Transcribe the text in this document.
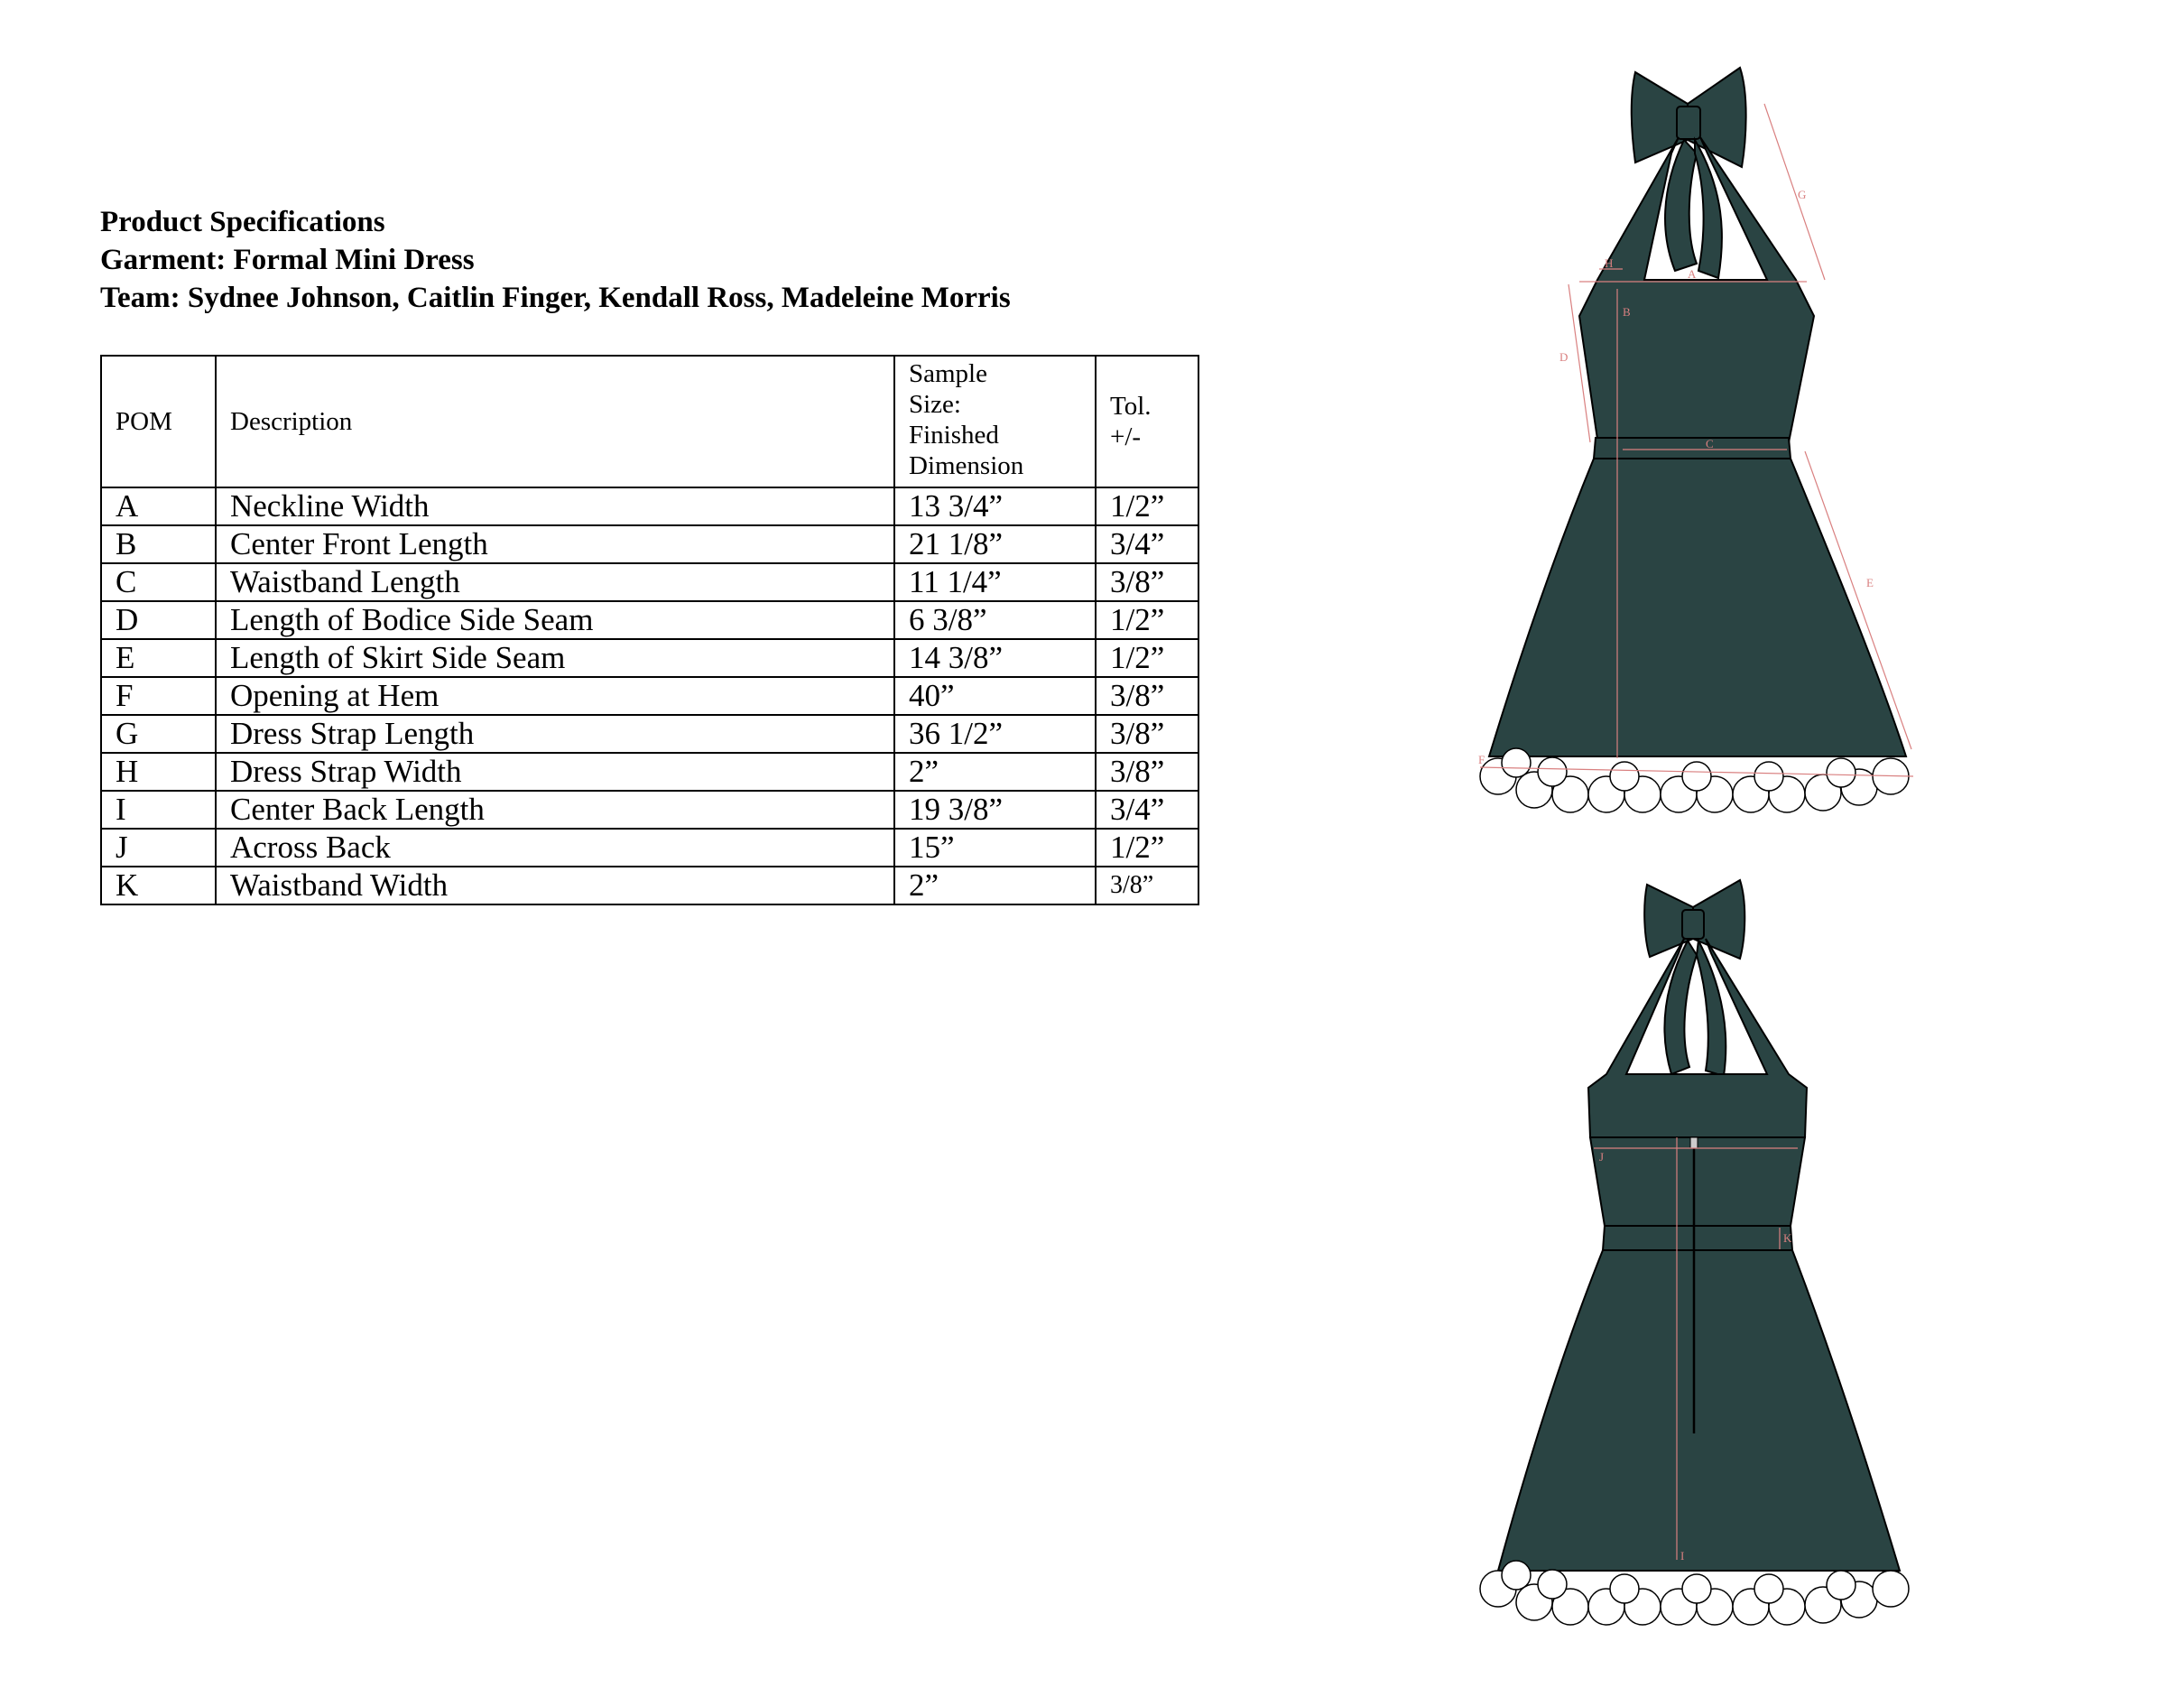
Product Specifications
Garment: Formal Mini Dress
Team: Sydnee Johnson, Caitlin Finger, Kendall Ross, Madeleine Morris
POM	Description	Sample Size: Finished Dimension	Tol. +/-

A	Neckline Width	13 3/4”	1/2”
B	Center Front Length	21 1/8”	3/4”
C	Waistband Length	11 1/4”	3/8”
D	Length of Bodice Side Seam	6 3/8”	1/2”
E	Length of Skirt Side Seam	14 3/8”	1/2”
F	Opening at Hem	40”	3/8”
G	Dress Strap Length	36 1/2”	3/8”
H	Dress Strap Width	2”	3/8”
I	Center Back Length	19 3/8”	3/4”
J	Across Back	15”	1/2”
K	Waistband Width	2”	3/8”
A
B
C
D
E
F
G
H
I
J
K
